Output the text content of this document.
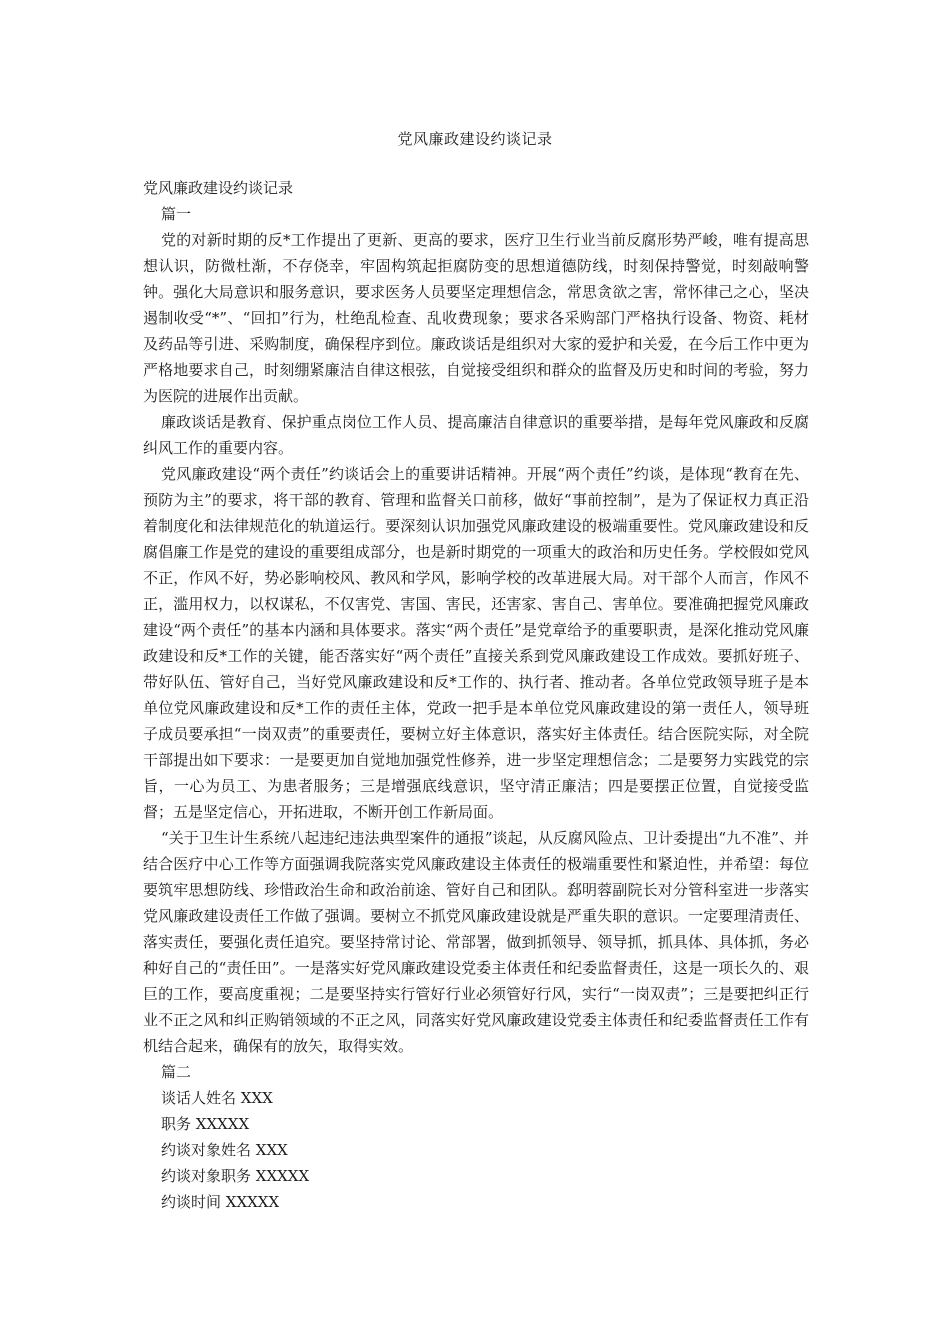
党风廉政建设约谈记录

党风廉政建设约谈记录

篇一

党的对新时期的反*工作提出了更新、更高的要求，医疗卫生行业当前反腐形势严峻，唯有提高思想认识，防微杜渐，不存侥幸，牢固构筑起拒腐防变的思想道德防线，时刻保持警觉，时刻敲响警钟。强化大局意识和服务意识，要求医务人员要坚定理想信念，常思贪欲之害，常怀律己之心，坚决遏制收受“*”、“回扣”行为，杜绝乱检查、乱收费现象；要求各采购部门严格执行设备、物资、耗材及药品等引进、采购制度，确保程序到位。廉政谈话是组织对大家的爱护和关爱，在今后工作中更为严格地要求自己，时刻绷紧廉洁自律这根弦，自觉接受组织和群众的监督及历史和时间的考验，努力为医院的进展作出贡献。

廉政谈话是教育、保护重点岗位工作人员、提高廉洁自律意识的重要举措，是每年党风廉政和反腐纠风工作的重要内容。

党风廉政建设“两个责任”约谈话会上的重要讲话精神。开展“两个责任”约谈，是体现“教育在先、预防为主”的要求，将干部的教育、管理和监督关口前移，做好“事前控制”，是为了保证权力真正沿着制度化和法律规范化的轨道运行。要深刻认识加强党风廉政建设的极端重要性。党风廉政建设和反腐倡廉工作是党的建设的重要组成部分，也是新时期党的一项重大的政治和历史任务。学校假如党风不正，作风不好，势必影响校风、教风和学风，影响学校的改革进展大局。对干部个人而言，作风不正，滥用权力，以权谋私，不仅害党、害国、害民，还害家、害自己、害单位。要准确把握党风廉政建设“两个责任”的基本内涵和具体要求。落实“两个责任”是党章给予的重要职责，是深化推动党风廉政建设和反*工作的关键，能否落实好“两个责任”直接关系到党风廉政建设工作成效。要抓好班子、带好队伍、管好自己，当好党风廉政建设和反*工作的、执行者、推动者。各单位党政领导班子是本单位党风廉政建设和反*工作的责任主体，党政一把手是本单位党风廉政建设的第一责任人，领导班子成员要承担“一岗双责”的重要责任，要树立好主体意识，落实好主体责任。结合医院实际，对全院干部提出如下要求：一是要更加自觉地加强党性修养，进一步坚定理想信念；二是要努力实践党的宗旨，一心为员工、为患者服务；三是增强底线意识，坚守清正廉洁；四是要摆正位置，自觉接受监督；五是坚定信心，开拓进取，不断开创工作新局面。

“关于卫生计生系统八起违纪违法典型案件的通报”谈起，从反腐风险点、卫计委提出“九不准”、并结合医疗中心工作等方面强调我院落实党风廉政建设主体责任的极端重要性和紧迫性，并希望：每位要筑牢思想防线、珍惜政治生命和政治前途、管好自己和团队。郄明蓉副院长对分管科室进一步落实党风廉政建设责任工作做了强调。要树立不抓党风廉政建设就是严重失职的意识。一定要理清责任、落实责任，要强化责任追究。要坚持常讨论、常部署，做到抓领导、领导抓，抓具体、具体抓，务必种好自己的“责任田”。一是落实好党风廉政建设党委主体责任和纪委监督责任，这是一项长久的、艰巨的工作，要高度重视；二是要坚持实行管好行业必须管好行风，实行“一岗双责”；三是要把纠正行业不正之风和纠正购销领域的不正之风，同落实好党风廉政建设党委主体责任和纪委监督责任工作有机结合起来，确保有的放矢，取得实效。

篇二

谈话人姓名 XXX

职务 XXXXX

约谈对象姓名 XXX

约谈对象职务 XXXXX

约谈时间 XXXXX
